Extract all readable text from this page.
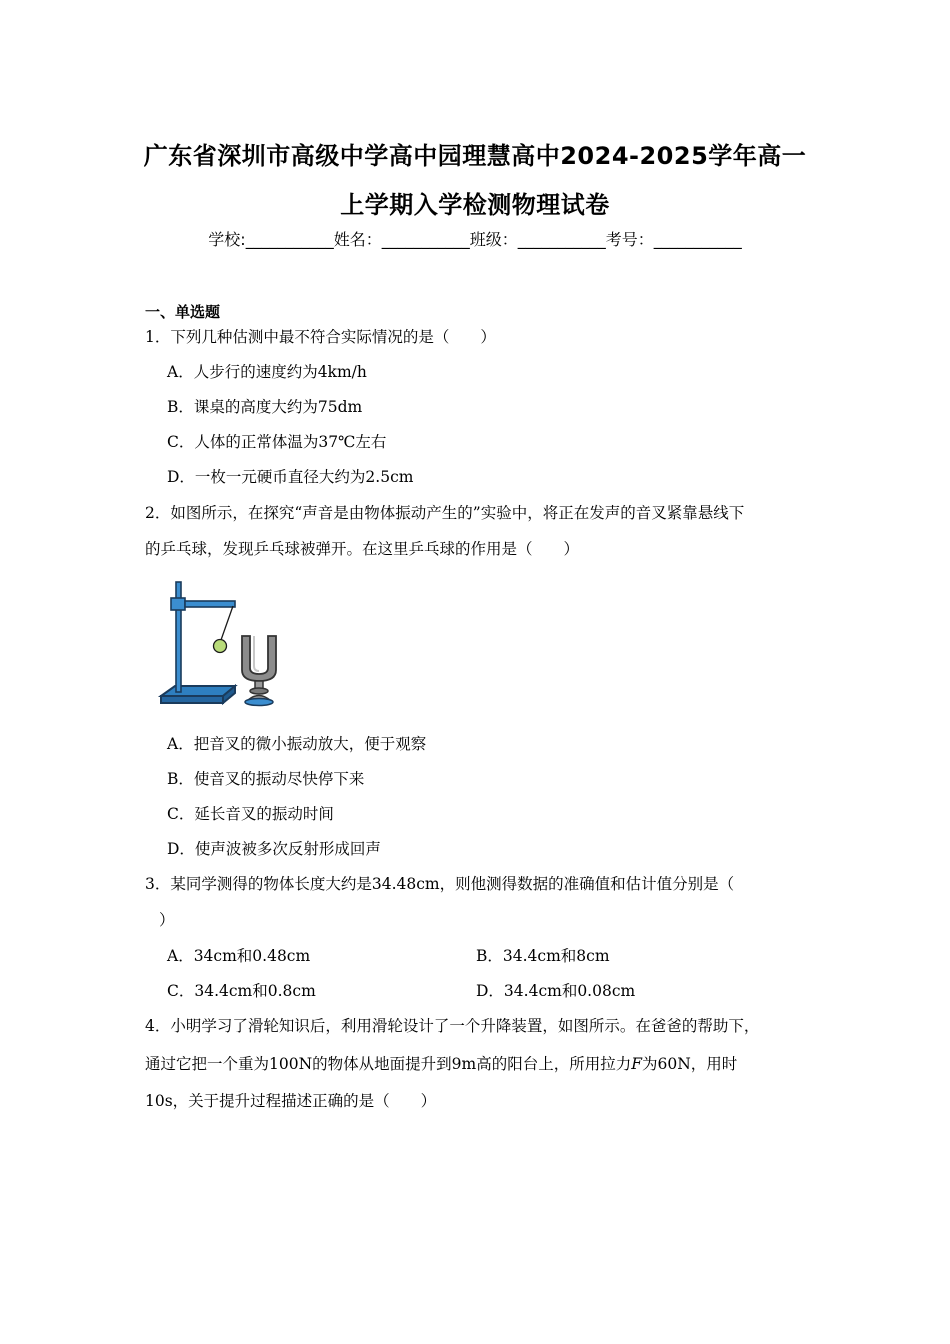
广东省深圳市高级中学高中园理慧高中2024-2025学年高一
上学期入学检测物理试卷
学校:___________姓名：___________班级：___________考号：___________
一、单选题
1．下列几种估测中最不符合实际情况的是（　　）
A．人步行的速度约为4km/h
B．课桌的高度大约为75dm
C．人体的正常体温为37℃左右
D．一枚一元硬币直径大约为2.5cm
2．如图所示，在探究“声音是由物体振动产生的”实验中，将正在发声的音叉紧靠悬线下
的乒乓球，发现乒乓球被弹开。在这里乒乓球的作用是（　　）
A．把音叉的微小振动放大，便于观察
B．使音叉的振动尽快停下来
C．延长音叉的振动时间
D．使声波被多次反射形成回声
3．某同学测得的物体长度大约是34.48cm，则他测得数据的准确值和估计值分别是（
）
A．34cm和0.48cm	B．34.4cm和8cm
C．34.4cm和0.8cm	D．34.4cm和0.08cm
4．小明学习了滑轮知识后，利用滑轮设计了一个升降装置，如图所示。在爸爸的帮助下，
通过它把一个重为100N的物体从地面提升到9m高的阳台上，所用拉力F为60N，用时
10s，关于提升过程描述正确的是（　　）
